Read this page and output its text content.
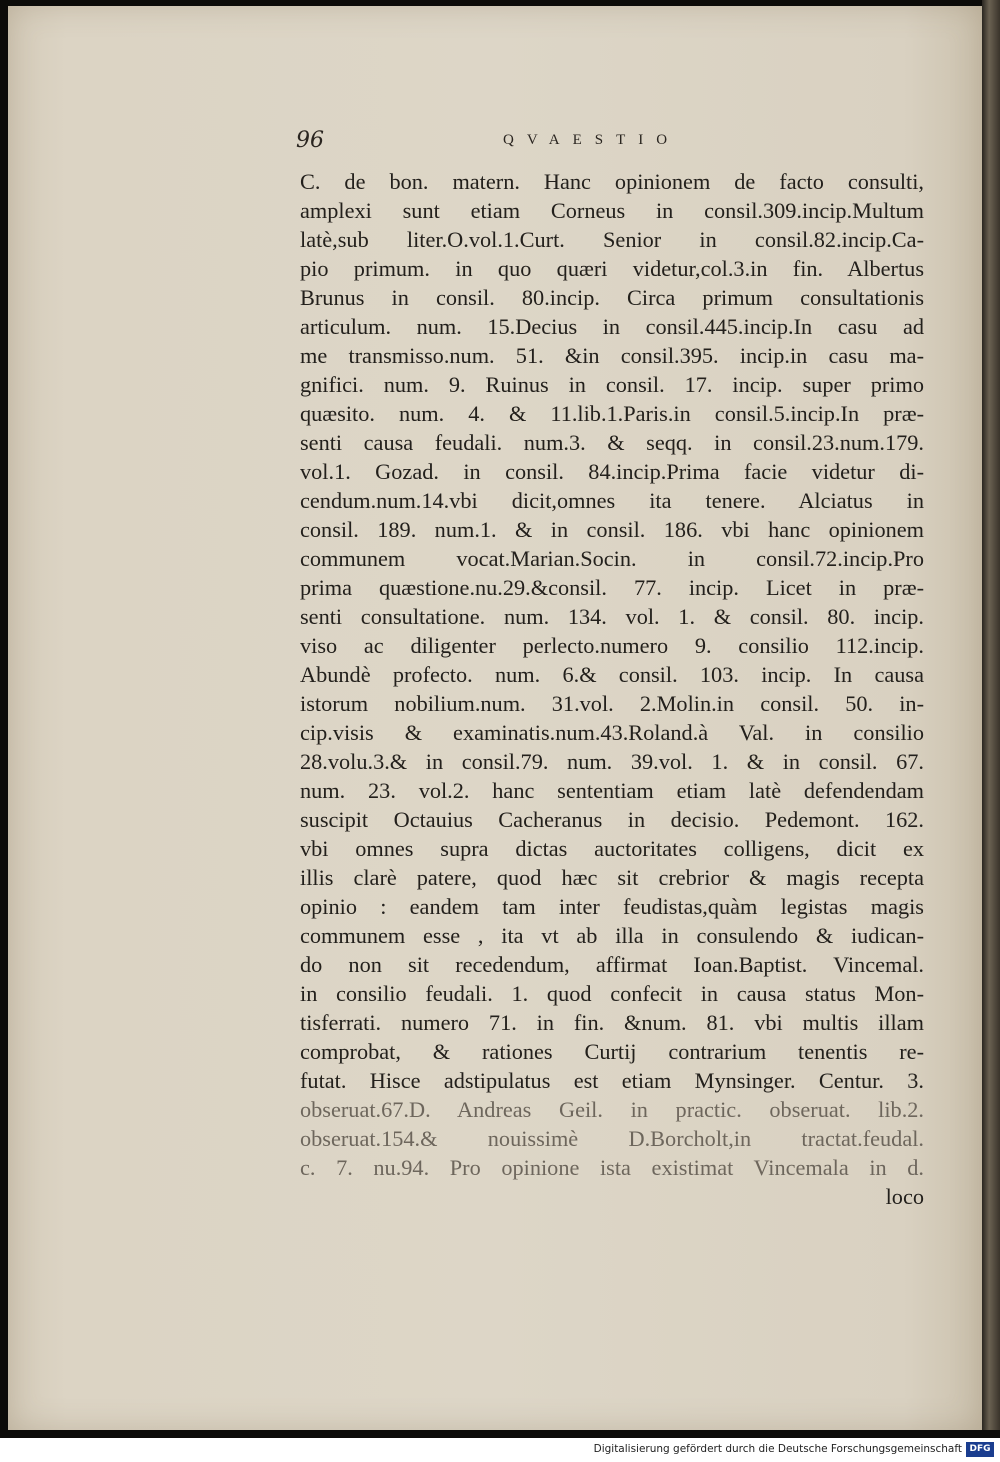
96	QVAESTIO
C. de bon. matern. Hanc opinionem de facto consulti,
amplexi sunt etiam Corneus in consil.309.incip.Multum
latè,sub liter.O.vol.1.Curt. Senior in consil.82.incip.Ca-
pio primum. in quo quæri videtur,col.3.in fin. Albertus
Brunus in consil. 80.incip. Circa primum consultationis
articulum. num. 15.Decius in consil.445.incip.In casu ad
me transmisso.num. 51. &in consil.395. incip.in casu ma-
gnifici. num. 9. Ruinus in consil. 17. incip. super primo
quæsito. num. 4. & 11.lib.1.Paris.in consil.5.incip.In præ-
senti causa feudali. num.3. & seqq. in consil.23.num.179.
vol.1. Gozad. in consil. 84.incip.Prima facie videtur di-
cendum.num.14.vbi dicit,omnes ita tenere. Alciatus in
consil. 189. num.1. & in consil. 186. vbi hanc opinionem
communem vocat.Marian.Socin. in consil.72.incip.Pro
prima quæstione.nu.29.&consil. 77. incip. Licet in præ-
senti consultatione. num. 134. vol. 1. & consil. 80. incip.
viso ac diligenter perlecto.numero 9. consilio 112.incip.
Abundè profecto. num. 6.& consil. 103. incip. In causa
istorum nobilium.num. 31.vol. 2.Molin.in consil. 50. in-
cip.visis & examinatis.num.43.Roland.à Val. in consilio
28.volu.3.& in consil.79. num. 39.vol. 1. & in consil. 67.
num. 23. vol.2. hanc sententiam etiam latè defendendam
suscipit Octauius Cacheranus in decisio. Pedemont. 162.
vbi omnes supra dictas auctoritates colligens, dicit ex
illis clarè patere, quod hæc sit crebrior & magis recepta
opinio : eandem tam inter feudistas,quàm legistas magis
communem esse , ita vt ab illa in consulendo & iudican-
do non sit recedendum, affirmat Ioan.Baptist. Vincemal.
in consilio feudali. 1. quod confecit in causa status Mon-
tisferrati. numero 71. in fin. &num. 81. vbi multis illam
comprobat, & rationes Curtij contrarium tenentis re-
futat. Hisce adstipulatus est etiam Mynsinger. Centur. 3.
obseruat.67.D. Andreas Geil. in practic. obseruat. lib.2.
obseruat.154.& nouissimè D.Borcholt,in tractat.feudal.
c. 7. nu.94. Pro opinione ista existimat Vincemala in d.
loco
Digitalisierung gefördert durch die Deutsche Forschungsgemeinschaft DFG
